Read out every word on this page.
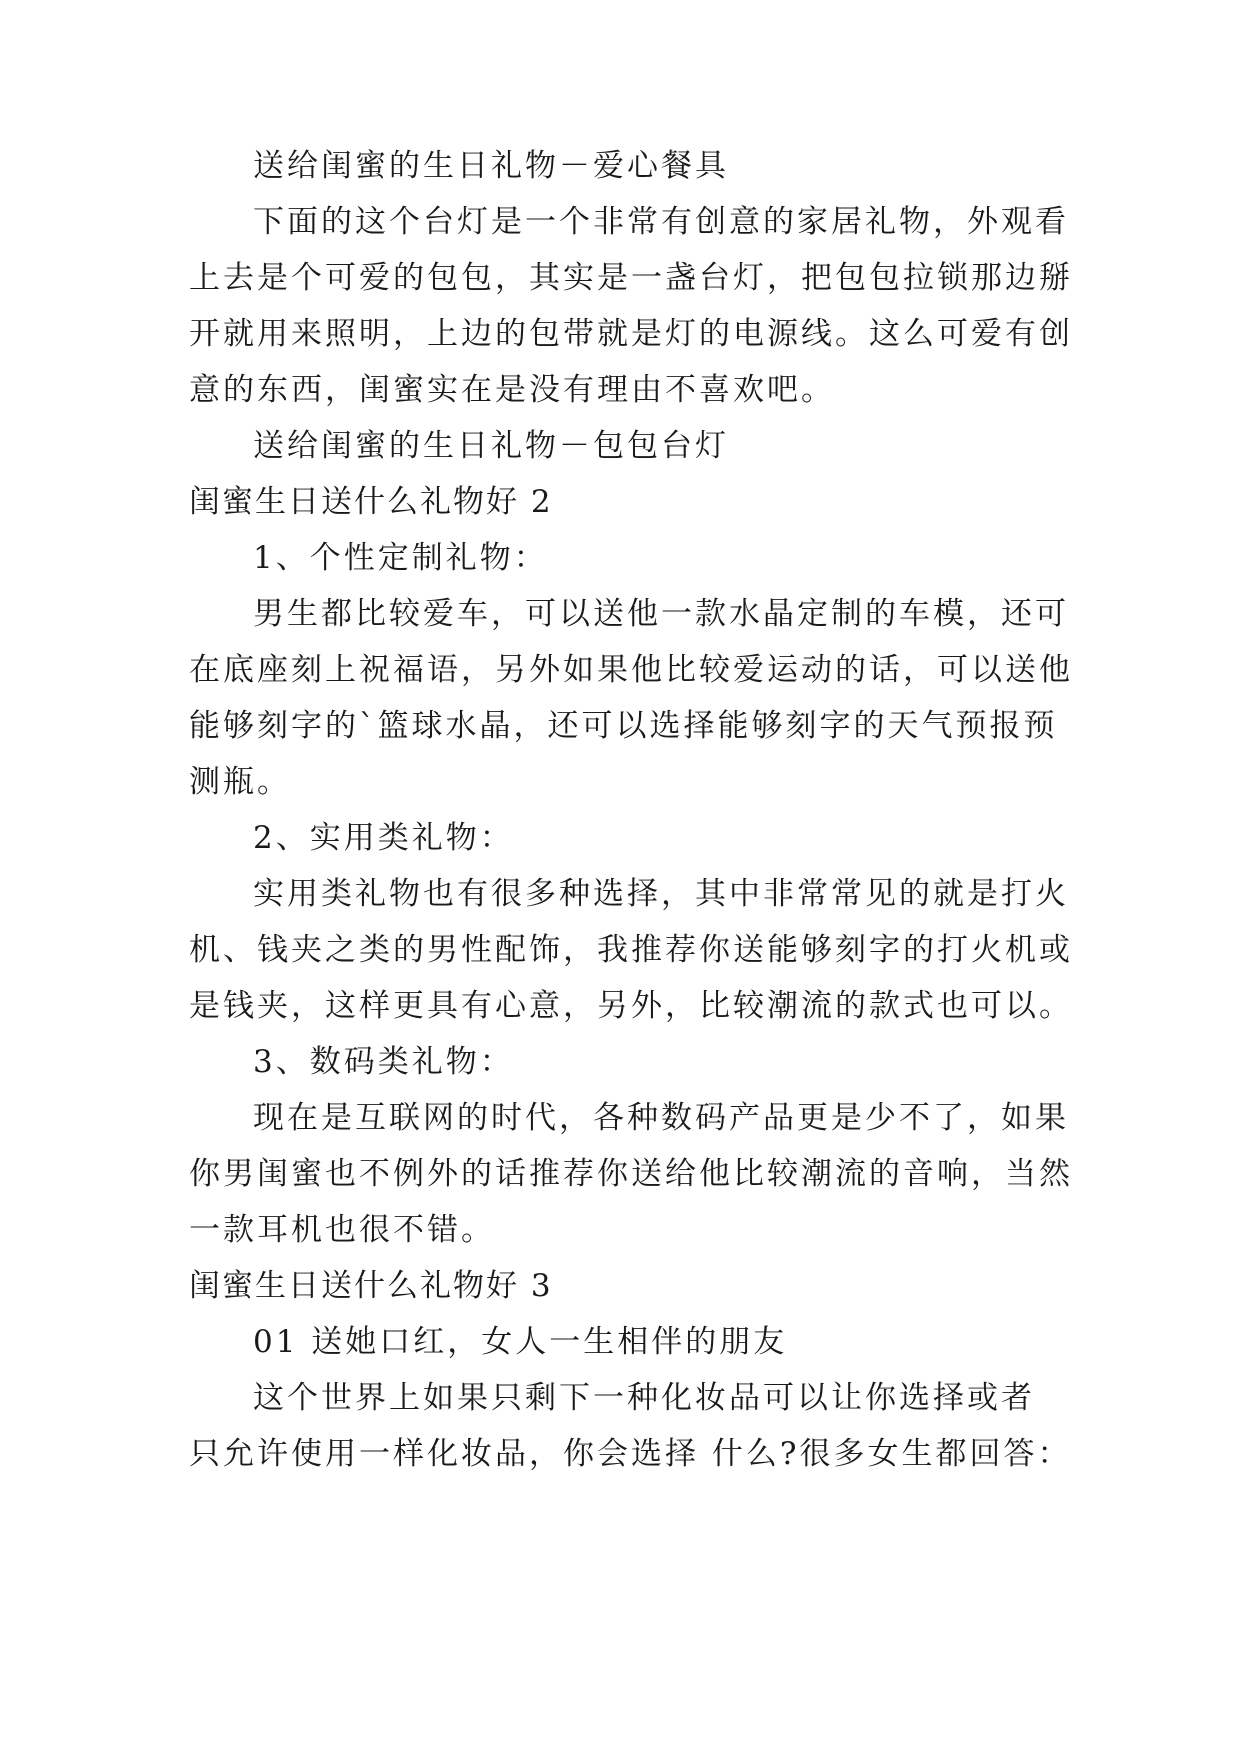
送给闺蜜的生日礼物－爱心餐具
下面的这个台灯是一个非常有创意的家居礼物，外观看
上去是个可爱的包包，其实是一盏台灯，把包包拉锁那边掰
开就用来照明，上边的包带就是灯的电源线。这么可爱有创
意的东西，闺蜜实在是没有理由不喜欢吧。
送给闺蜜的生日礼物－包包台灯
闺蜜生日送什么礼物好 2
1、个性定制礼物：
男生都比较爱车，可以送他一款水晶定制的车模，还可
在底座刻上祝福语，另外如果他比较爱运动的话，可以送他
能够刻字的`篮球水晶，还可以选择能够刻字的天气预报预
测瓶。
2、实用类礼物：
实用类礼物也有很多种选择，其中非常常见的就是打火
机、钱夹之类的男性配饰，我推荐你送能够刻字的打火机或
是钱夹，这样更具有心意，另外，比较潮流的款式也可以。
3、数码类礼物：
现在是互联网的时代，各种数码产品更是少不了，如果
你男闺蜜也不例外的话推荐你送给他比较潮流的音响，当然
一款耳机也很不错。
闺蜜生日送什么礼物好 3
01 送她口红，女人一生相伴的朋友
这个世界上如果只剩下一种化妆品可以让你选择或者
只允许使用一样化妆品，你会选择 什么?很多女生都回答：
